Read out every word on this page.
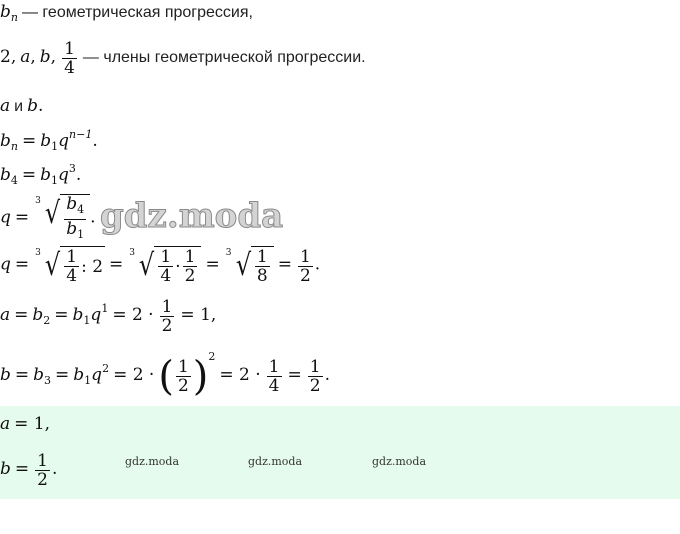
$b_n$ — геометрическая прогрессия,
2, a, b, $\frac{1}{4}$ — члены геометрической прогрессии.
a и b.
$b_n = b_1q^{n-1}$.
$b_4 = b_1q^3$.
q =
3 √ $\frac{b_4}{b_1}$ .
q =
3 √ $\frac{1}{4}$ : 2 =
3 √ $\frac{1}{4} \cdot \frac{1}{2}$ =
3 √ $\frac{1}{8} = \frac{1}{2}$ .
$a = b_2 = b_1q^1 = 2 \cdot \frac{1}{2} = 1$,
$b = b_3 = b_1q^2 = 2$ · ( $\frac{1}{2} )^2 = 2 \cdot \frac{1}{4} = \frac{1}{2}$ .
a = 1,
$b = \frac{1}{2}$ .
gdz.moda
gdz.moda	gdz.moda	gdz.moda
